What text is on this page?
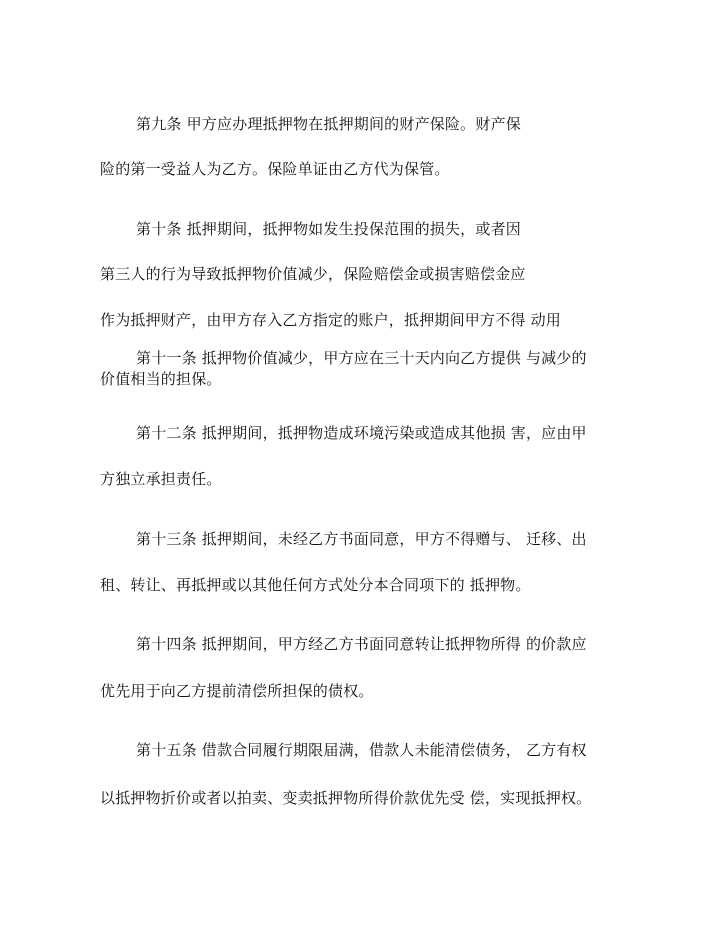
第九条 甲方应办理抵押物在抵押期间的财产保险。财产保
险的第一受益人为乙方。保险单证由乙方代为保管。
第十条 抵押期间，抵押物如发生投保范围的损失，或者因
第三人的行为导致抵押物价值减少，保险赔偿金或损害赔偿金应
作为抵押财产，由甲方存入乙方指定的账户，抵押期间甲方不得 动用
第十一条 抵押物价值减少，甲方应在三十天内向乙方提供 与减少的
价值相当的担保。
第十二条 抵押期间，抵押物造成环境污染或造成其他损 害，应由甲
方独立承担责任。
第十三条 抵押期间，未经乙方书面同意，甲方不得赠与、 迁移、出
租、转让、再抵押或以其他任何方式处分本合同项下的 抵押物。
第十四条 抵押期间，甲方经乙方书面同意转让抵押物所得 的价款应
优先用于向乙方提前清偿所担保的债权。
第十五条 借款合同履行期限届满，借款人未能清偿债务， 乙方有权
以抵押物折价或者以拍卖、变卖抵押物所得价款优先受 偿，实现抵押权。
